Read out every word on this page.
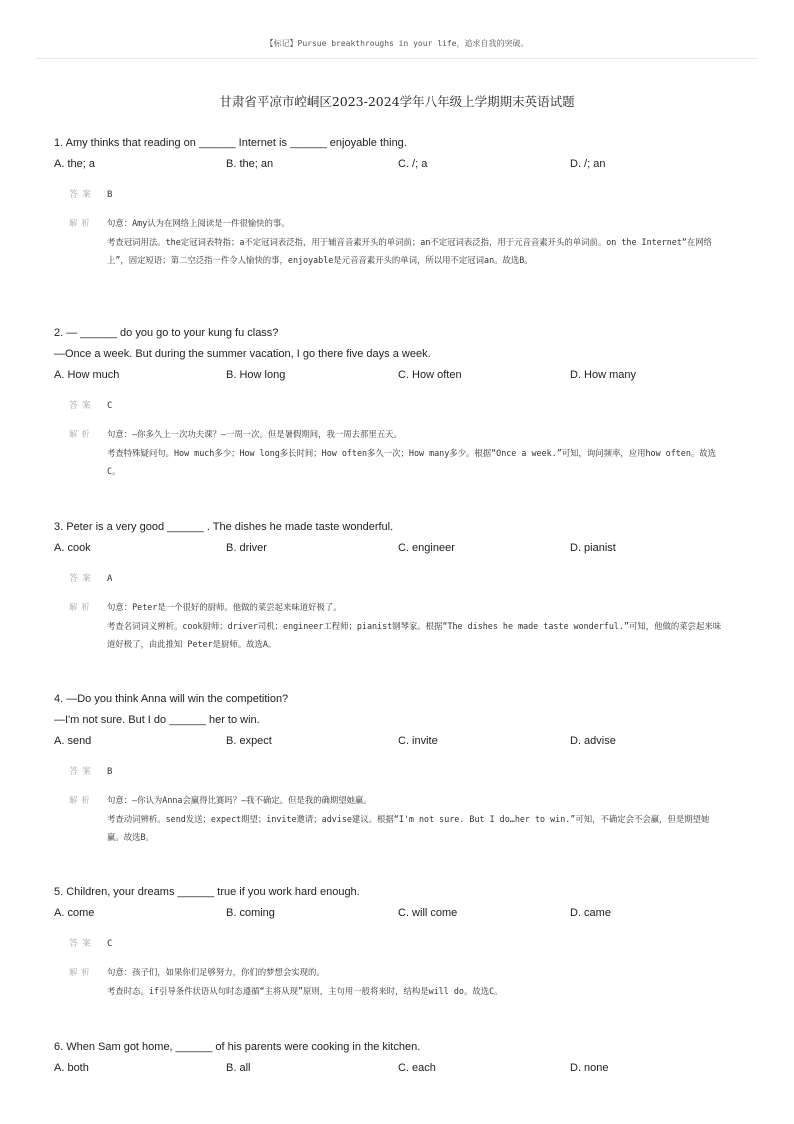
【标记】Pursue breakthroughs in your life，追求自我的突破。
甘肃省平凉市崆峒区2023-2024学年八年级上学期期末英语试题
1. Amy thinks that reading on ______ Internet is ______ enjoyable thing.
A. the; a	B. the; an	C. /; a	D. /; an
答案 B
解析 句意：Amy认为在网络上阅读是一件很愉快的事。
考查冠词用法。the定冠词表特指；a不定冠词表泛指，用于辅音音素开头的单词前；an不定冠词表泛指，用于元音音素开头的单词前。on the Internet“在网络上”，固定短语；第二空泛指一件令人愉快的事，enjoyable是元音音素开头的单词，所以用不定冠词an。故选B。
2. — ______ do you go to your kung fu class?
—Once a week. But during the summer vacation, I go there five days a week.
A. How much	B. How long	C. How often	D. How many
答案 C
解析 句意：—你多久上一次功夫课？—一周一次。但是暑假期间，我一周去那里五天。
考查特殊疑问句。How much多少；How long多长时间；How often多久一次；How many多少。根据“Once a week.”可知，询问频率，应用how often。故选C。
3. Peter is a very good ______ . The dishes he made taste wonderful.
A. cook	B. driver	C. engineer	D. pianist
答案 A
解析 句意：Peter是一个很好的厨师。他做的菜尝起来味道好极了。
考查名词词义辨析。cook厨师；driver司机；engineer工程师；pianist钢琴家。根据“The dishes he made taste wonderful.”可知，他做的菜尝起来味道好极了，由此推知 Peter是厨师。故选A。
4. —Do you think Anna will win the competition?
—I'm not sure. But I do ______ her to win.
A. send	B. expect	C. invite	D. advise
答案 B
解析 句意：—你认为Anna会赢得比赛吗？—我不确定。但是我的确期望她赢。
考查动词辨析。send发送；expect期望；invite邀请；advise建议。根据“I'm not sure. But I do…her to win.”可知，不确定会不会赢，但是期望她赢。故选B。
5. Children, your dreams ______ true if you work hard enough.
A. come	B. coming	C. will come	D. came
答案 C
解析 句意：孩子们，如果你们足够努力，你们的梦想会实现的。
考查时态。if引导条件状语从句时态遵循“主将从现”原则，主句用一般将来时，结构是will do。故选C。
6. When Sam got home, ______ of his parents were cooking in the kitchen.
A. both	B. all	C. each	D. none
